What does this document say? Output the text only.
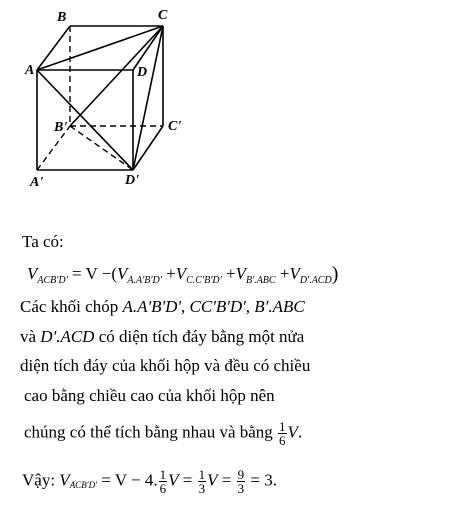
B	C
A	D
B'	C'
A'	D'
Ta có:
$V_{ACB'D'} = V -(V_{A.A'B'D'} +V_{C.C'B'D'} +V_{B'.ABC} +V_{D'.ACD})$
Các khối chóp A.A'B'D', CC'B'D', B'.ABC
và D'.ACD có diện tích đáy bằng một nửa
diện tích đáy của khối hộp và đều có chiều
cao bằng chiều cao của khối hộp nên
chúng có thể tích bằng nhau và bằng $\frac{1}{6} V$.
Vậy: VACB'D' = V − 4. $\frac{1}{6}$ $V = \frac{1}{3}$ $V = \frac{9}{3} = 3$.
